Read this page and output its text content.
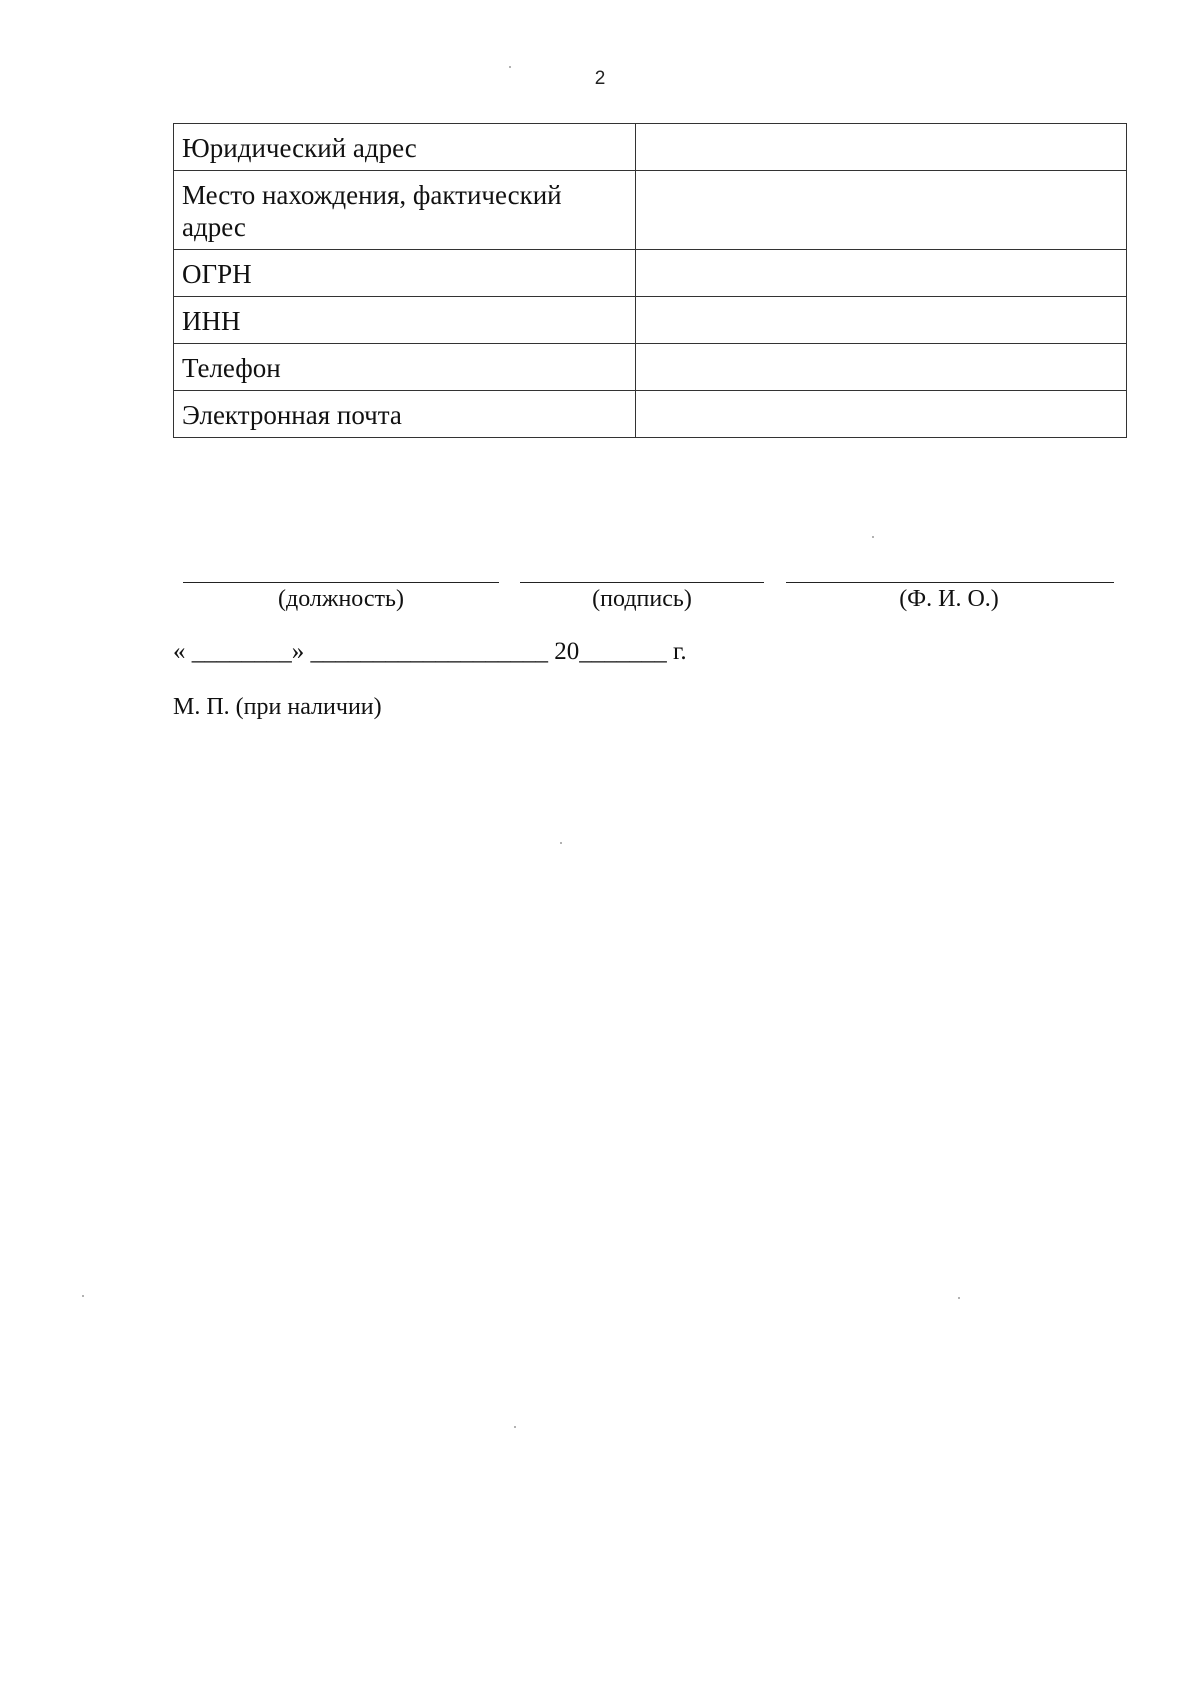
2
Юридический адрес	
Место нахождения, фактический адрес	
ОГРН	
ИНН	
Телефон	
Электронная почта	
(должность)	(подпись)	(Ф. И. О.)
« ________» ___________________ 20_______ г.
М. П. (при наличии)
